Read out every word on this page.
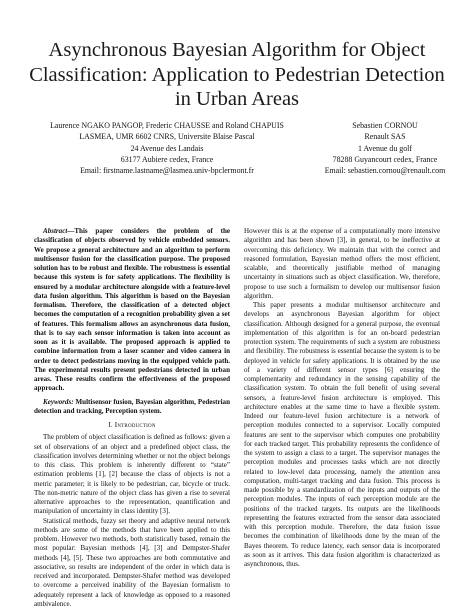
Asynchronous Bayesian Algorithm for Object Classification: Application to Pedestrian Detection in Urban Areas
Laurence NGAKO PANGOP, Frederic CHAUSSE and Roland CHAPUIS
LASMEA, UMR 6602 CNRS, Universite Blaise Pascal
24 Avenue des Landais
63177 Aubiere cedex, France
Email: firstname.lastname@lasmea.univ-bpclermont.fr
Sebastien CORNOU
Renault SAS
1 Avenue du golf
78288 Guyancourt cedex, France
Email: sebastien.cornou@renault.com

Abstract—This paper considers the problem of the classification of objects observed by vehicle embedded sensors. We propose a general architecture and an algorithm to perform multisensor fusion for the classification purpose. The proposed solution has to be robust and flexible. The robustness is essential because this system is for safety applications. The flexibility is ensured by a modular architecture alongside with a feature-level data fusion algorithm. This algorithm is based on the Bayesian formalism. Therefore, the classification of a detected object becomes the computation of a recognition probability given a set of features. This formalism allows an asynchronous data fusion, that is to say each sensor information is taken into account as soon as it is available. The proposed approach is applied to combine information from a laser scanner and video camera in order to detect pedestrians moving in the equipped vehicle path. The experimental results present pedestrians detected in urban areas. These results confirm the effectiveness of the proposed approach.

Keywords: Multisensor fusion, Bayesian algorithm, Pedestrian detection and tracking, Perception system.

I. Introduction

The problem of object classification is defined as follows: given a set of observations of an object and a predefined object class, the classification involves determining whether or not the object belongs to this class. This problem is inherently different to “state” estimation problems [1], [2] because the class of objects is not a metric parameter; it is likely to be pedestrian, car, bicycle or truck. The non-metric nature of the object class has given a rise to several alternative approaches to the representation, quantification and manipulation of uncertainty in class identity [3].

Statistical methods, fuzzy set theory and adaptive neural network methods are some of the methods that have been applied to this problem. However two methods, both statistically based, remain the most popular: Bayesian methods [4], [3] and Dempster-Shafer methods [4], [5]. These two approaches are both commutative and associative, so results are independent of the order in which data is received and incorporated. Dempster-Shafer method was developed to overcome a perceived inability of the Bayesian formalism to adequately represent a lack of knowledge as opposed to a reasoned ambivalence.

However this is at the expense of a computationally more intensive algorithm and has been shown [3], in general, to be ineffective at overcoming this deficiency. We maintain that with the correct and reasoned formulation, Bayesian method offers the most efficient, scalable, and theoretically justifiable method of managing uncertainty in situations such as object classification. We, therefore, propose to use such a formalism to develop our multisensor fusion algorithm.

This paper presents a modular multisensor architecture and develops an asynchronous Bayesian algorithm for object classification. Although designed for a general purpose, the eventual implementation of this algorithm is for an on-board pedestrian protection system. The requirements of such a system are robustness and flexibility. The robustness is essential because the system is to be deployed in vehicle for safety applications. It is obtained by the use of a variety of different sensor types [6] ensuring the complementarity and redundancy in the sensing capability of the classification system. To obtain the full benefit of using several sensors, a feature-level fusion architecture is employed. This architecture enables at the same time to have a flexible system. Indeed our feature-level fusion architecture is a network of perception modules connected to a supervisor. Locally computed features are sent to the supervisor which computes one probability for each tracked target. This probability represents the confidence of the system to assign a class to a target. The supervisor manages the perception modules and processes tasks which are not directly related to low-level data processing, namely the attention area computation, multi-target tracking and data fusion. This process is made possible by a standardization of the inputs and outputs of the perception modules. The inputs of each perception module are the positions of the tracked targets. Its outputs are the likelihoods representing the features extracted from the sensor data associated with this perception module. Therefore, the data fusion issue becomes the combination of likelihoods done by the mean of the Bayes theorem. To reduce latency, each sensor data is incorporated as soon as it arrives. This data fusion algorithm is characterized as asynchronous, thus.
